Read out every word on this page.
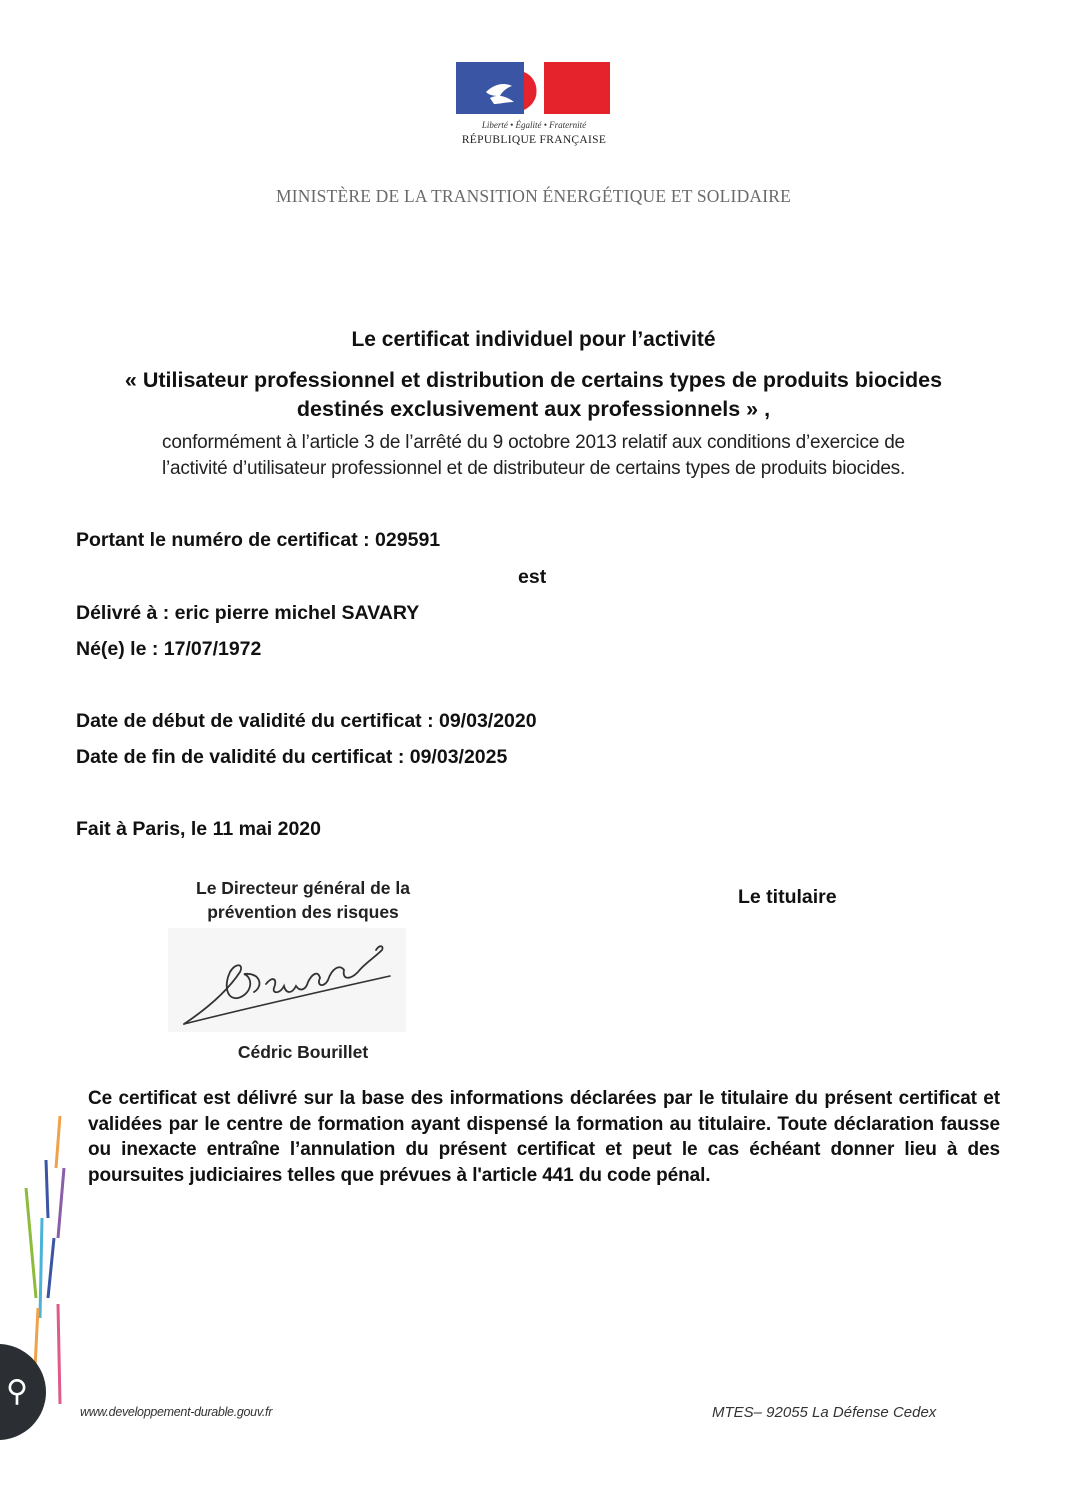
Liberté • Égalité • Fraternité
RÉPUBLIQUE FRANÇAISE
MINISTÈRE DE LA TRANSITION ÉNERGÉTIQUE ET SOLIDAIRE
Le certificat individuel pour l’activité
« Utilisateur professionnel et distribution de certains types de produits biocides
destinés exclusivement aux professionnels » ,
conformément à l’article 3 de l’arrêté du 9 octobre 2013 relatif aux conditions d’exercice de
l’activité d’utilisateur professionnel et de distributeur de certains types de produits biocides.
Portant le numéro de certificat : 029591
est
Délivré à : eric pierre michel SAVARY
Né(e) le : 17/07/1972
Date de début de validité du certificat : 09/03/2020
Date de fin de validité du certificat : 09/03/2025
Fait à Paris, le 11 mai 2020
Le Directeur général de la
prévention des risques
Cédric Bourillet
Le titulaire
Ce certificat est délivré sur la base des informations déclarées par le titulaire du présent certificat et validées par le centre de formation ayant dispensé la formation au titulaire. Toute déclaration fausse ou inexacte entraîne l’annulation du présent certificat et peut le cas échéant donner lieu à des poursuites judiciaires telles que prévues à l'article 441 du code pénal.
⚲
www.developpement-durable.gouv.fr	MTES– 92055 La Défense Cedex
